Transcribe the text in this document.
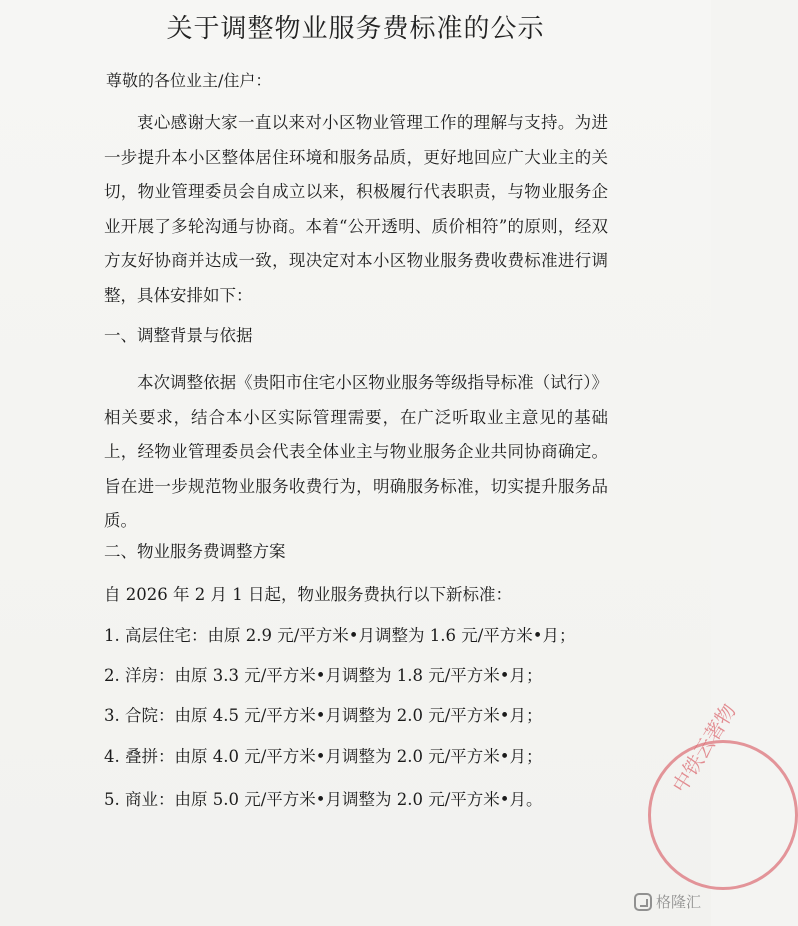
关于调整物业服务费标准的公示
尊敬的各位业主/住户：

衷心感谢大家一直以来对小区物业管理工作的理解与支持。为进一步提升本小区整体居住环境和服务品质，更好地回应广大业主的关切，物业管理委员会自成立以来，积极履行代表职责，与物业服务企业开展了多轮沟通与协商。本着“公开透明、质价相符”的原则，经双方友好协商并达成一致，现决定对本小区物业服务费收费标准进行调整，具体安排如下：

一、调整背景与依据

本次调整依据《贵阳市住宅小区物业服务等级指导标准（试行）》相关要求，结合本小区实际管理需要，在广泛听取业主意见的基础上，经物业管理委员会代表全体业主与物业服务企业共同协商确定。旨在进一步规范物业服务收费行为，明确服务标准，切实提升服务品质。

二、物业服务费调整方案
自 2026 年 2 月 1 日起，物业服务费执行以下新标准：
1. 高层住宅：由原 2.9 元/平方米•月调整为 1.6 元/平方米•月；
2. 洋房：由原 3.3 元/平方米•月调整为 1.8 元/平方米•月；
3. 合院：由原 4.5 元/平方米•月调整为 2.0 元/平方米•月；
4. 叠拼：由原 4.0 元/平方米•月调整为 2.0 元/平方米•月；
5. 商业：由原 5.0 元/平方米•月调整为 2.0 元/平方米•月。
中铁云著物
格隆汇
